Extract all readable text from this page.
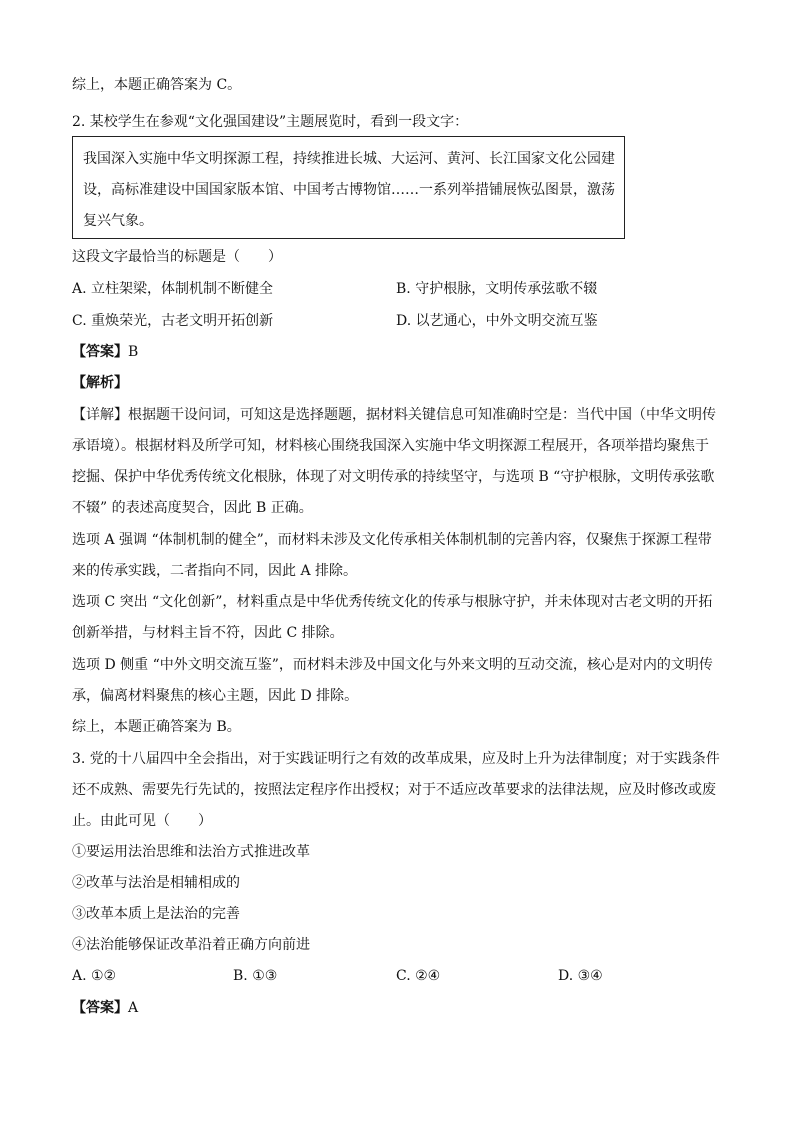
综上，本题正确答案为 C。
2. 某校学生在参观“文化强国建设”主题展览时，看到一段文字：
我国深入实施中华文明探源工程，持续推进长城、大运河、黄河、长江国家文化公园建
设，高标准建设中国国家版本馆、中国考古博物馆……一系列举措铺展恢弘图景，激荡
复兴气象。
这段文字最恰当的标题是（　　）
A. 立柱架梁，体制机制不断健全	B. 守护根脉，文明传承弦歌不辍
C. 重焕荣光，古老文明开拓创新	D. 以艺通心，中外文明交流互鉴
【答案】B
【解析】
【详解】根据题干设问词，可知这是选择题题，据材料关键信息可知准确时空是：当代中国（中华文明传
承语境）。根据材料及所学可知，材料核心围绕我国深入实施中华文明探源工程展开，各项举措均聚焦于
挖掘、保护中华优秀传统文化根脉，体现了对文明传承的持续坚守，与选项 B “守护根脉，文明传承弦歌
不辍” 的表述高度契合，因此 B 正确。
选项 A 强调 “体制机制的健全”，而材料未涉及文化传承相关体制机制的完善内容，仅聚焦于探源工程带
来的传承实践，二者指向不同，因此 A 排除。
选项 C 突出 “文化创新”，材料重点是中华优秀传统文化的传承与根脉守护，并未体现对古老文明的开拓
创新举措，与材料主旨不符，因此 C 排除。
选项 D 侧重 “中外文明交流互鉴”，而材料未涉及中国文化与外来文明的互动交流，核心是对内的文明传
承，偏离材料聚焦的核心主题，因此 D 排除。
综上，本题正确答案为 B。
3. 党的十八届四中全会指出，对于实践证明行之有效的改革成果，应及时上升为法律制度；对于实践条件
还不成熟、需要先行先试的，按照法定程序作出授权；对于不适应改革要求的法律法规，应及时修改或废
止。由此可见（　　）
①要运用法治思维和法治方式推进改革
②改革与法治是相辅相成的
③改革本质上是法治的完善
④法治能够保证改革沿着正确方向前进
A. ①②	B. ①③	C. ②④	D. ③④
【答案】A
